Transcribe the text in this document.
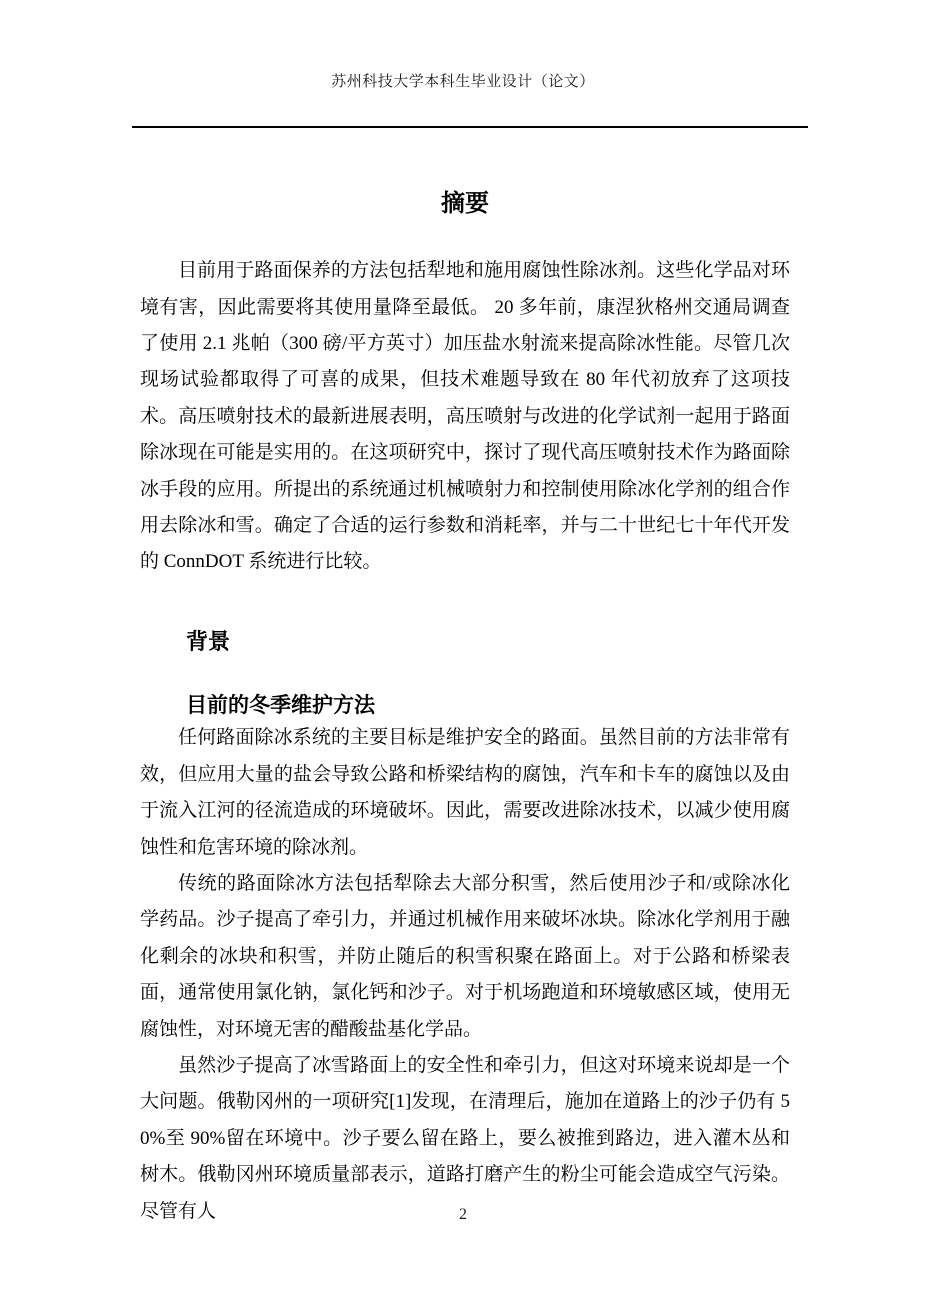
苏州科技大学本科生毕业设计（论文）
摘要

目前用于路面保养的方法包括犁地和施用腐蚀性除冰剂。这些化学品对环境有害，因此需要将其使用量降至最低。 20 多年前，康涅狄格州交通局调查了使用 2.1 兆帕（300 磅/平方英寸）加压盐水射流来提高除冰性能。尽管几次现场试验都取得了可喜的成果，但技术难题导致在 80 年代初放弃了这项技术。高压喷射技术的最新进展表明，高压喷射与改进的化学试剂一起用于路面除冰现在可能是实用的。在这项研究中，探讨了现代高压喷射技术作为路面除冰手段的应用。所提出的系统通过机械喷射力和控制使用除冰化学剂的组合作用去除冰和雪。确定了合适的运行参数和消耗率，并与二十世纪七十年代开发的 ConnDOT 系统进行比较。

背景
目前的冬季维护方法

任何路面除冰系统的主要目标是维护安全的路面。虽然目前的方法非常有效，但应用大量的盐会导致公路和桥梁结构的腐蚀，汽车和卡车的腐蚀以及由于流入江河的径流造成的环境破坏。因此，需要改进除冰技术，以减少使用腐蚀性和危害环境的除冰剂。

传统的路面除冰方法包括犁除去大部分积雪，然后使用沙子和/或除冰化学药品。沙子提高了牵引力，并通过机械作用来破坏冰块。除冰化学剂用于融化剩余的冰块和积雪，并防止随后的积雪积聚在路面上。对于公路和桥梁表面，通常使用氯化钠，氯化钙和沙子。对于机场跑道和环境敏感区域，使用无腐蚀性，对环境无害的醋酸盐基化学品。

虽然沙子提高了冰雪路面上的安全性和牵引力，但这对环境来说却是一个大问题。俄勒冈州的一项研究[1]发现，在清理后，施加在道路上的沙子仍有 50%至 90%留在环境中。沙子要么留在路上，要么被推到路边，进入灌木丛和树木。俄勒冈州环境质量部表示，道路打磨产生的粉尘可能会造成空气污染。尽管有人	2
